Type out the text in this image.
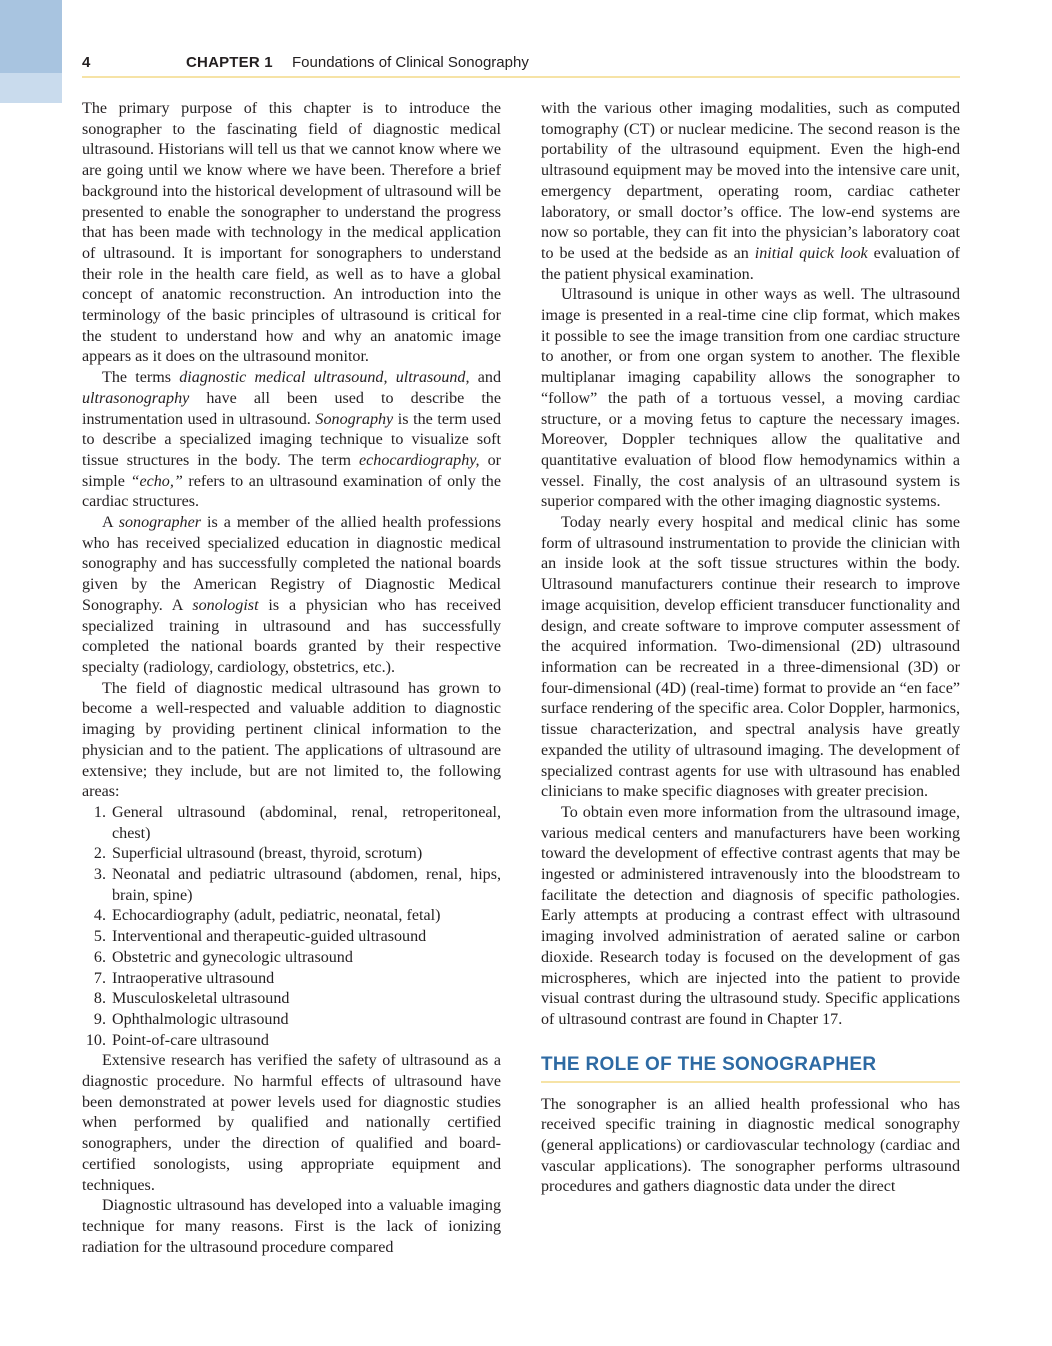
4	CHAPTER 1 Foundations of Clinical Sonography

The primary purpose of this chapter is to introduce the sonographer to the fascinating field of diagnostic medical ultrasound. Historians will tell us that we cannot know where we are going until we know where we have been. Therefore a brief background into the historical development of ultrasound will be presented to enable the sonographer to understand the progress that has been made with technology in the medical application of ultrasound. It is important for sonographers to understand their role in the health care field, as well as to have a global concept of anatomic reconstruction. An introduction into the terminology of the basic principles of ultrasound is critical for the student to understand how and why an anatomic image appears as it does on the ultrasound monitor.

The terms diagnostic medical ultrasound, ultrasound, and ultrasonography have all been used to describe the instrumentation used in ultrasound. Sonography is the term used to describe a specialized imaging technique to visualize soft tissue structures in the body. The term echocardiography, or simple “echo,” refers to an ultrasound examination of only the cardiac structures.

A sonographer is a member of the allied health professions who has received specialized education in diagnostic medical sonography and has successfully completed the national boards given by the American Registry of Diagnostic Medical Sonography. A sonologist is a physician who has received specialized training in ultrasound and has successfully completed the national boards granted by their respective specialty (radiology, cardiology, obstetrics, etc.).

The field of diagnostic medical ultrasound has grown to become a well-respected and valuable addition to diagnostic imaging by providing pertinent clinical information to the physician and to the patient. The applications of ultrasound are extensive; they include, but are not limited to, the following areas:

1. General ultrasound (abdominal, renal, retroperitoneal, chest)
2. Superficial ultrasound (breast, thyroid, scrotum)
3. Neonatal and pediatric ultrasound (abdomen, renal, hips, brain, spine)
4. Echocardiography (adult, pediatric, neonatal, fetal)
5. Interventional and therapeutic-guided ultrasound
6. Obstetric and gynecologic ultrasound
7. Intraoperative ultrasound
8. Musculoskeletal ultrasound
9. Ophthalmologic ultrasound
10. Point-of-care ultrasound

Extensive research has verified the safety of ultrasound as a diagnostic procedure. No harmful effects of ultrasound have been demonstrated at power levels used for diagnostic studies when performed by qualified and nationally certified sonographers, under the direction of qualified and board-certified sonologists, using appropriate equipment and techniques.

Diagnostic ultrasound has developed into a valuable imaging technique for many reasons. First is the lack of ionizing radiation for the ultrasound procedure compared

with the various other imaging modalities, such as computed tomography (CT) or nuclear medicine. The second reason is the portability of the ultrasound equipment. Even the high-end ultrasound equipment may be moved into the intensive care unit, emergency department, operating room, cardiac catheter laboratory, or small doctor’s office. The low-end systems are now so portable, they can fit into the physician’s laboratory coat to be used at the bedside as an initial quick look evaluation of the patient physical examination.

Ultrasound is unique in other ways as well. The ultrasound image is presented in a real-time cine clip format, which makes it possible to see the image transition from one cardiac structure to another, or from one organ system to another. The flexible multiplanar imaging capability allows the sonographer to “follow” the path of a tortuous vessel, a moving cardiac structure, or a moving fetus to capture the necessary images. Moreover, Doppler techniques allow the qualitative and quantitative evaluation of blood flow hemodynamics within a vessel. Finally, the cost analysis of an ultrasound system is superior compared with the other imaging diagnostic systems.

Today nearly every hospital and medical clinic has some form of ultrasound instrumentation to provide the clinician with an inside look at the soft tissue structures within the body. Ultrasound manufacturers continue their research to improve image acquisition, develop efficient transducer functionality and design, and create software to improve computer assessment of the acquired information. Two-dimensional (2D) ultrasound information can be recreated in a three-dimensional (3D) or four-dimensional (4D) (real-time) format to provide an “en face” surface rendering of the specific area. Color Doppler, harmonics, tissue characterization, and spectral analysis have greatly expanded the utility of ultrasound imaging. The development of specialized contrast agents for use with ultrasound has enabled clinicians to make specific diagnoses with greater precision.

To obtain even more information from the ultrasound image, various medical centers and manufacturers have been working toward the development of effective contrast agents that may be ingested or administered intravenously into the bloodstream to facilitate the detection and diagnosis of specific pathologies. Early attempts at producing a contrast effect with ultrasound imaging involved administration of aerated saline or carbon dioxide. Research today is focused on the development of gas microspheres, which are injected into the patient to provide visual contrast during the ultrasound study. Specific applications of ultrasound contrast are found in Chapter 17.

THE ROLE OF THE SONOGRAPHER

The sonographer is an allied health professional who has received specific training in diagnostic medical sonography (general applications) or cardiovascular technology (cardiac and vascular applications). The sonographer performs ultrasound procedures and gathers diagnostic data under the direct
